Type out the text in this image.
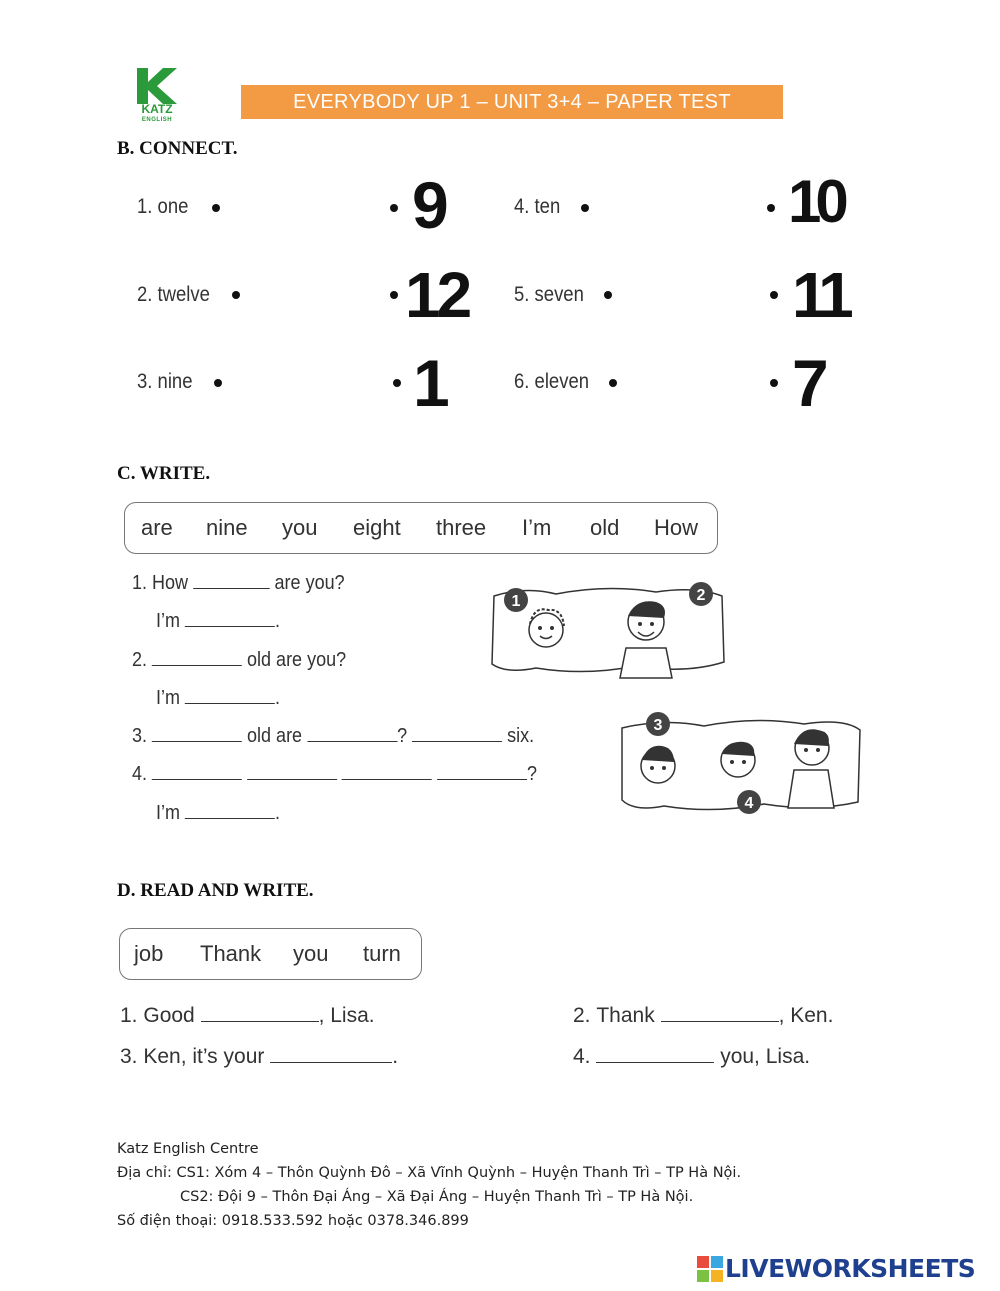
KATZ
ENGLISH
EVERYBODY UP 1 – UNIT 3+4 – PAPER TEST
B. CONNECT.
1. one	9
2. twelve	12
3. nine	1
4. ten	10
5. seven	11
6. eleven	7
C. WRITE.
are nine you eight three I’m old How
1. How	are you?
I’m	.
2.	old are you?
I’m	.
3.	old are	?	six.
4.	?
I’m	.
1	2
3
4
D. READ AND WRITE.
job Thank you turn
1. Good	, Lisa.	2. Thank	, Ken.
3. Ken, it’s your	.	4.	you, Lisa.
Katz English Centre
Địa chỉ: CS1: Xóm 4 – Thôn Quỳnh Đô – Xã Vĩnh Quỳnh – Huyện Thanh Trì – TP Hà Nội.
CS2: Đội 9 – Thôn Đại Áng – Xã Đại Áng – Huyện Thanh Trì – TP Hà Nội.
Số điện thoại: 0918.533.592 hoặc 0378.346.899
LIVEWORKSHEETS
